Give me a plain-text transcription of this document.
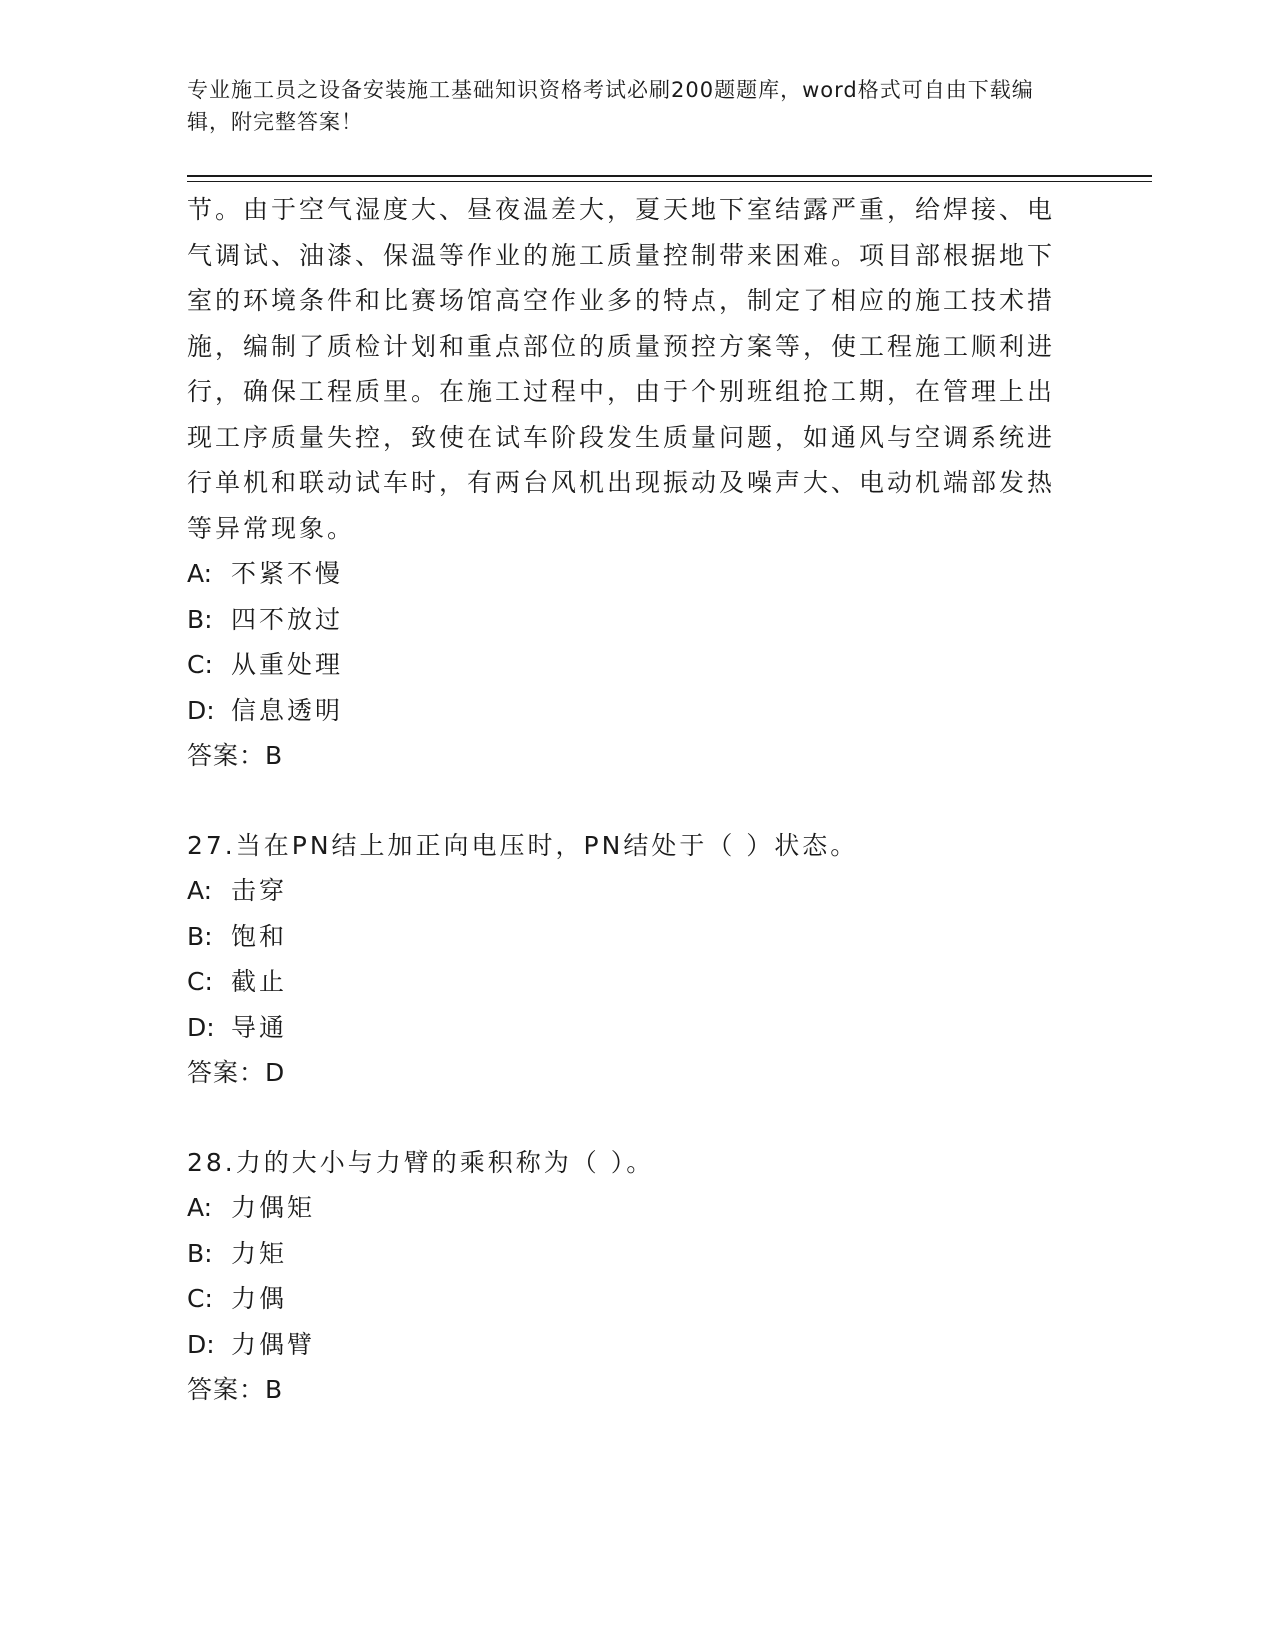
专业施工员之设备安装施工基础知识资格考试必刷200题题库，word格式可自由下载编辑，附完整答案！

节。由于空气湿度大、昼夜温差大，夏天地下室结露严重，给焊接、电气调试、油漆、保温等作业的施工质量控制带来困难。项目部根据地下室的环境条件和比赛场馆高空作业多的特点，制定了相应的施工技术措施，编制了质检计划和重点部位的质量预控方案等，使工程施工顺利进行，确保工程质里。在施工过程中，由于个别班组抢工期，在管理上出现工序质量失控，致使在试车阶段发生质量问题，如通风与空调系统进行单机和联动试车时，有两台风机出现振动及噪声大、电动机端部发热等异常现象。

A: 不紧不慢

B: 四不放过

C: 从重处理

D: 信息透明

答案：B

27.当在PN结上加正向电压时，PN结处于（ ）状态。

A: 击穿

B: 饱和

C: 截止

D: 导通

答案：D

28.力的大小与力臂的乘积称为（ ）。

A: 力偶矩

B: 力矩

C: 力偶

D: 力偶臂

答案：B
